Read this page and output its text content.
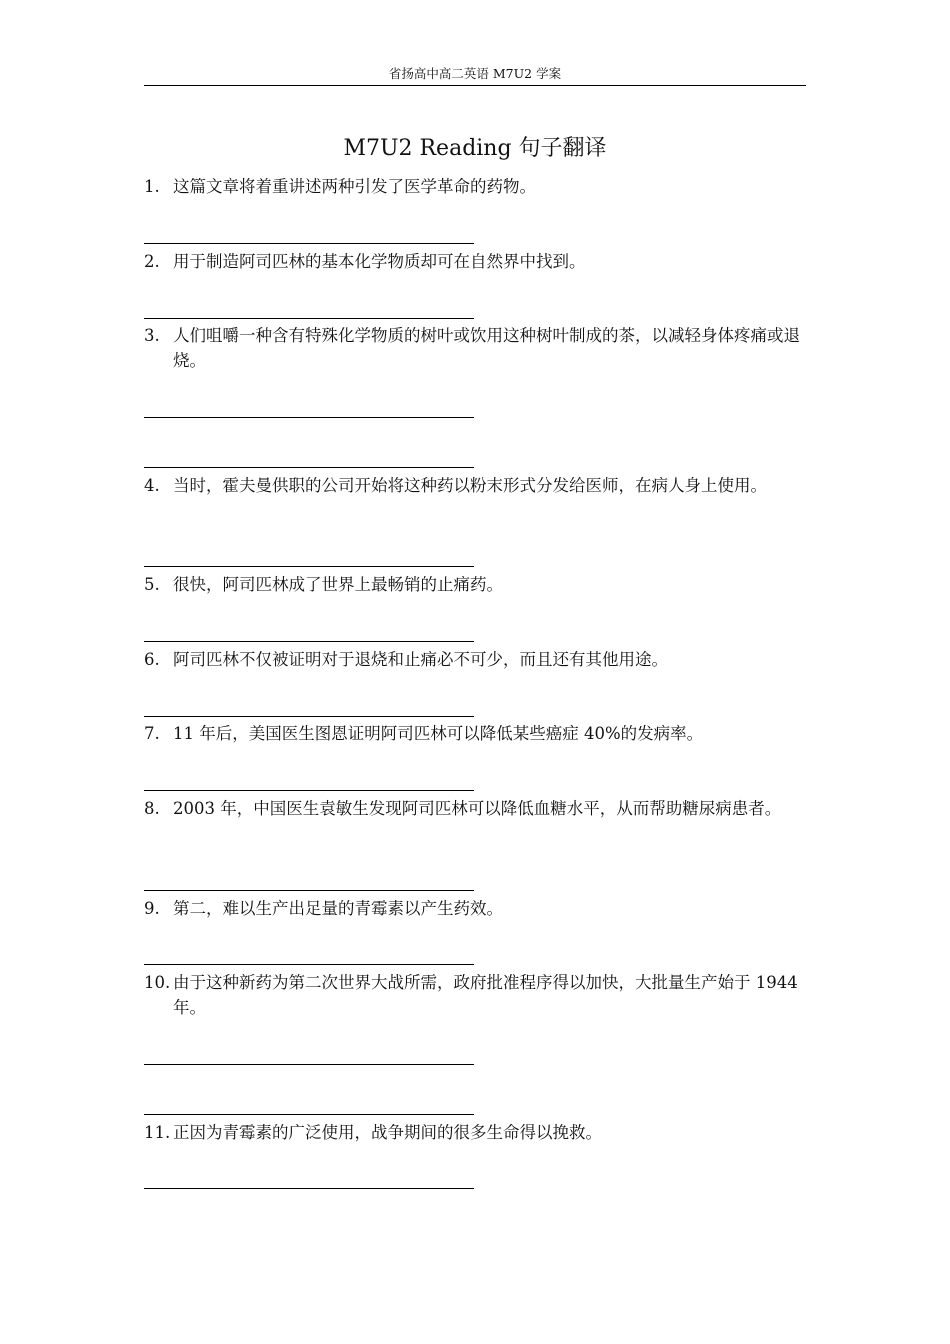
省扬高中高二英语 M7U2 学案
M7U2 Reading 句子翻译
1. 这篇文章将着重讲述两种引发了医学革命的药物。
2. 用于制造阿司匹林的基本化学物质却可在自然界中找到。
3. 人们咀嚼一种含有特殊化学物质的树叶或饮用这种树叶制成的茶，以减轻身体疼痛或退烧。
4. 当时，霍夫曼供职的公司开始将这种药以粉末形式分发给医师，在病人身上使用。
5. 很快，阿司匹林成了世界上最畅销的止痛药。
6. 阿司匹林不仅被证明对于退烧和止痛必不可少，而且还有其他用途。
7. 11 年后，美国医生图恩证明阿司匹林可以降低某些癌症 40%的发病率。
8. 2003 年，中国医生袁敏生发现阿司匹林可以降低血糖水平，从而帮助糖尿病患者。
9. 第二，难以生产出足量的青霉素以产生药效。
10. 由于这种新药为第二次世界大战所需，政府批准程序得以加快，大批量生产始于 1944 年。
11. 正因为青霉素的广泛使用，战争期间的很多生命得以挽救。
